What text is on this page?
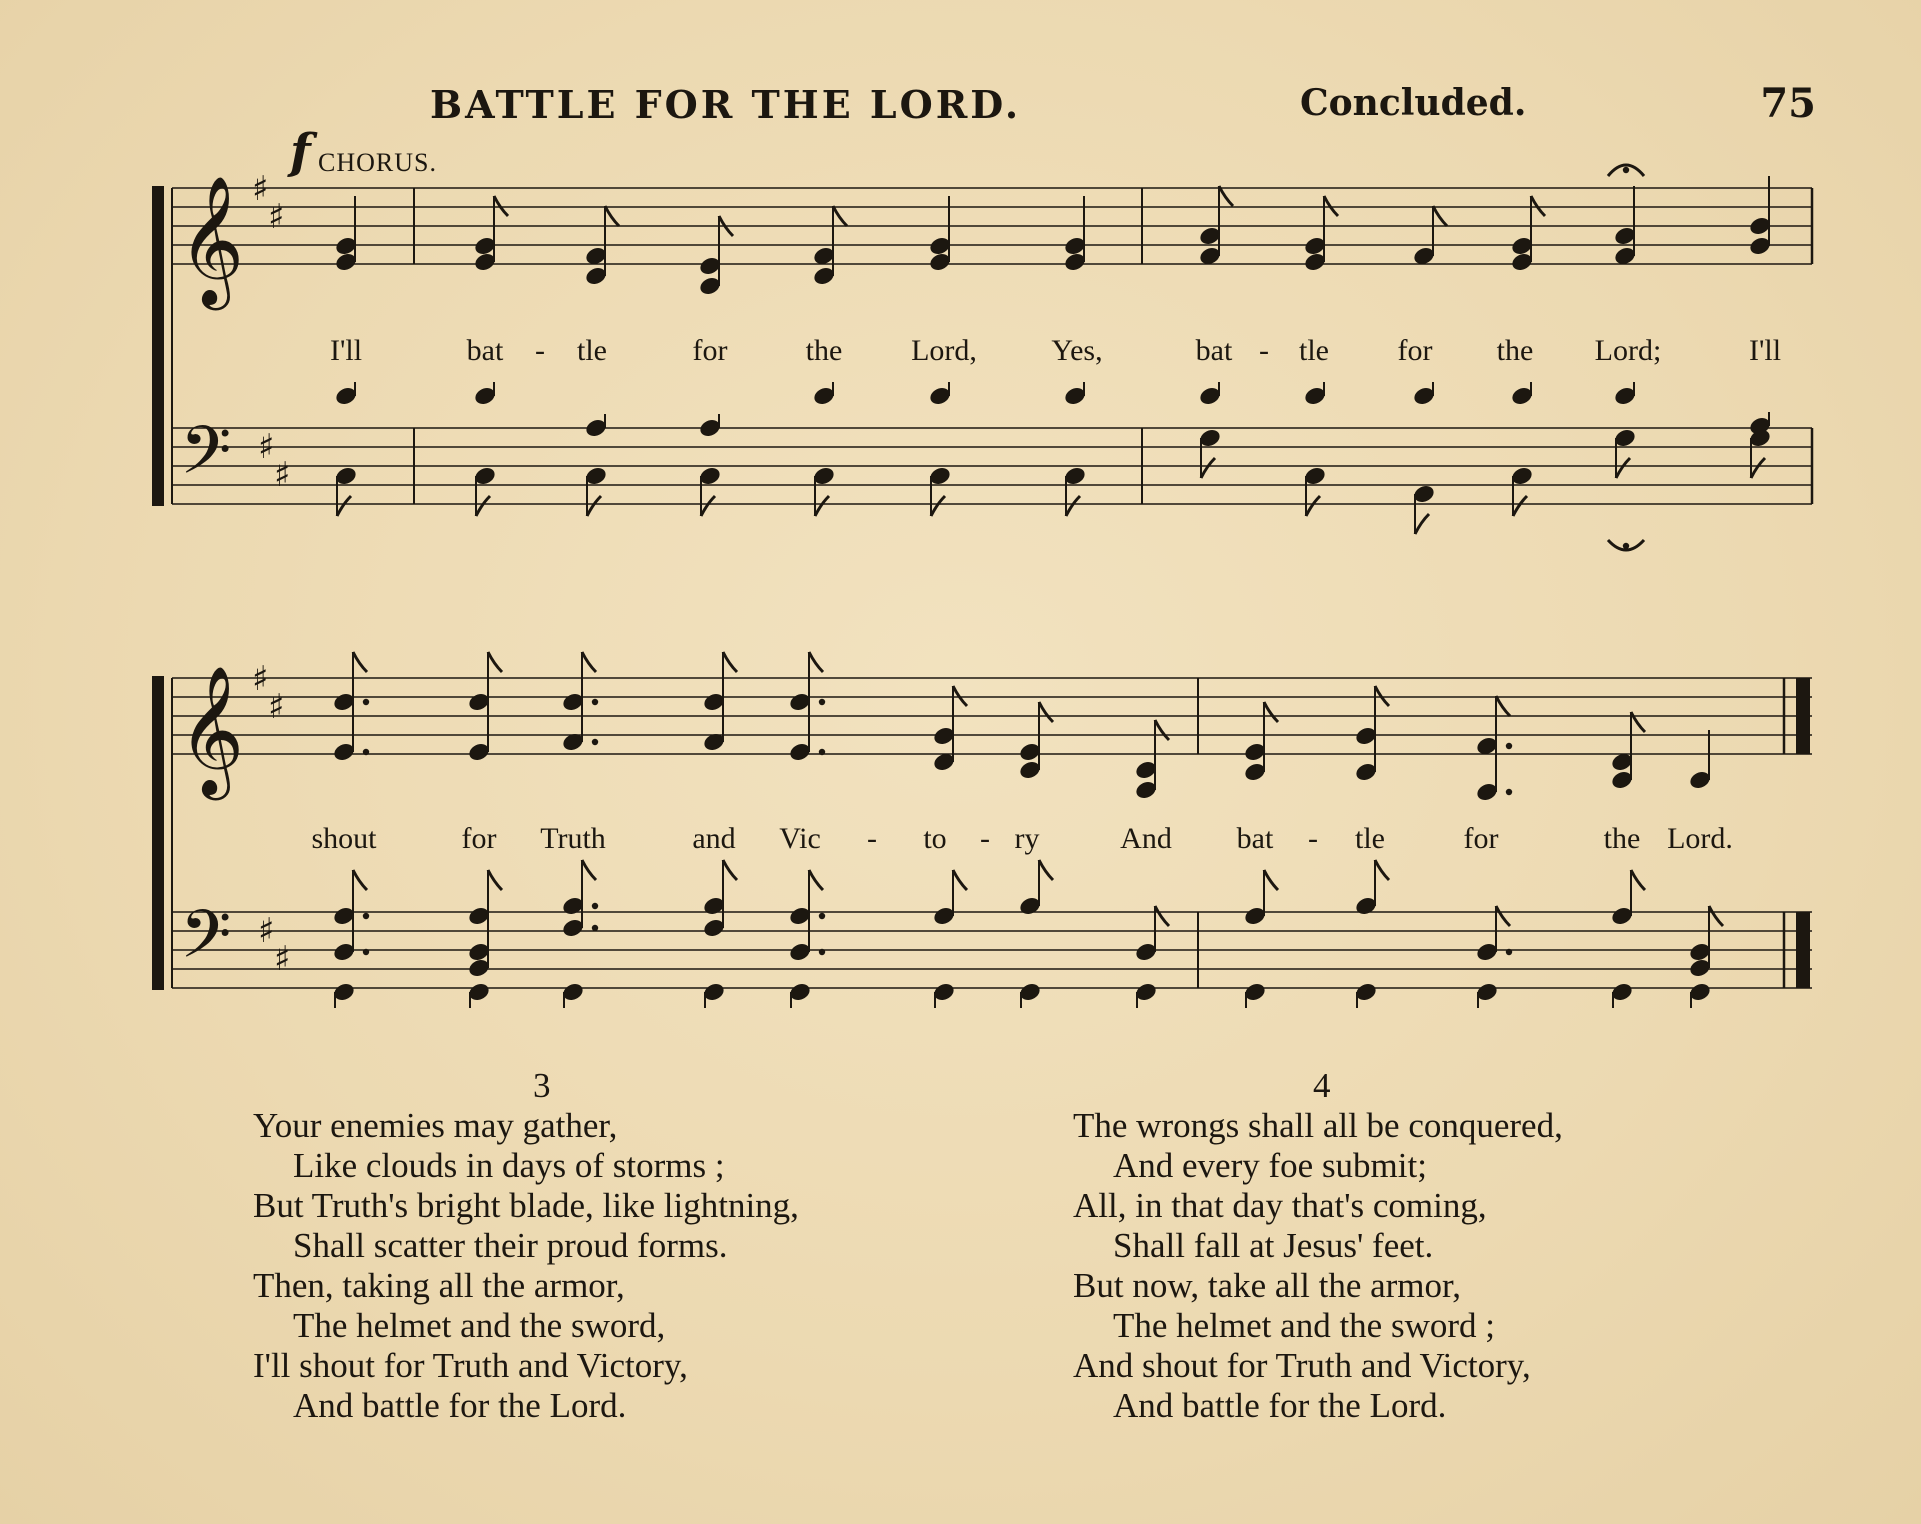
BATTLE FOR THE LORD.	Concluded.	75
f CHORUS.
𝄞
𝄢
♯
♯
♯
♯
𝄞
𝄢
♯
♯
♯
♯
I'll	bat - tle	for	the Lord, Yes,	bat - tle for the Lord;	I'll
shout	for Truth	and Vic - to - ry	And bat - tle	for	the Lord.
3
Your enemies may gather,
Like clouds in days of storms ;
But Truth's bright blade, like lightning,
Shall scatter their proud forms.
Then, taking all the armor,
The helmet and the sword,
I'll shout for Truth and Victory,
And battle for the Lord.
4
The wrongs shall all be conquered,
And every foe submit;
All, in that day that's coming,
Shall fall at Jesus' feet.
But now, take all the armor,
The helmet and the sword ;
And shout for Truth and Victory,
And battle for the Lord.
